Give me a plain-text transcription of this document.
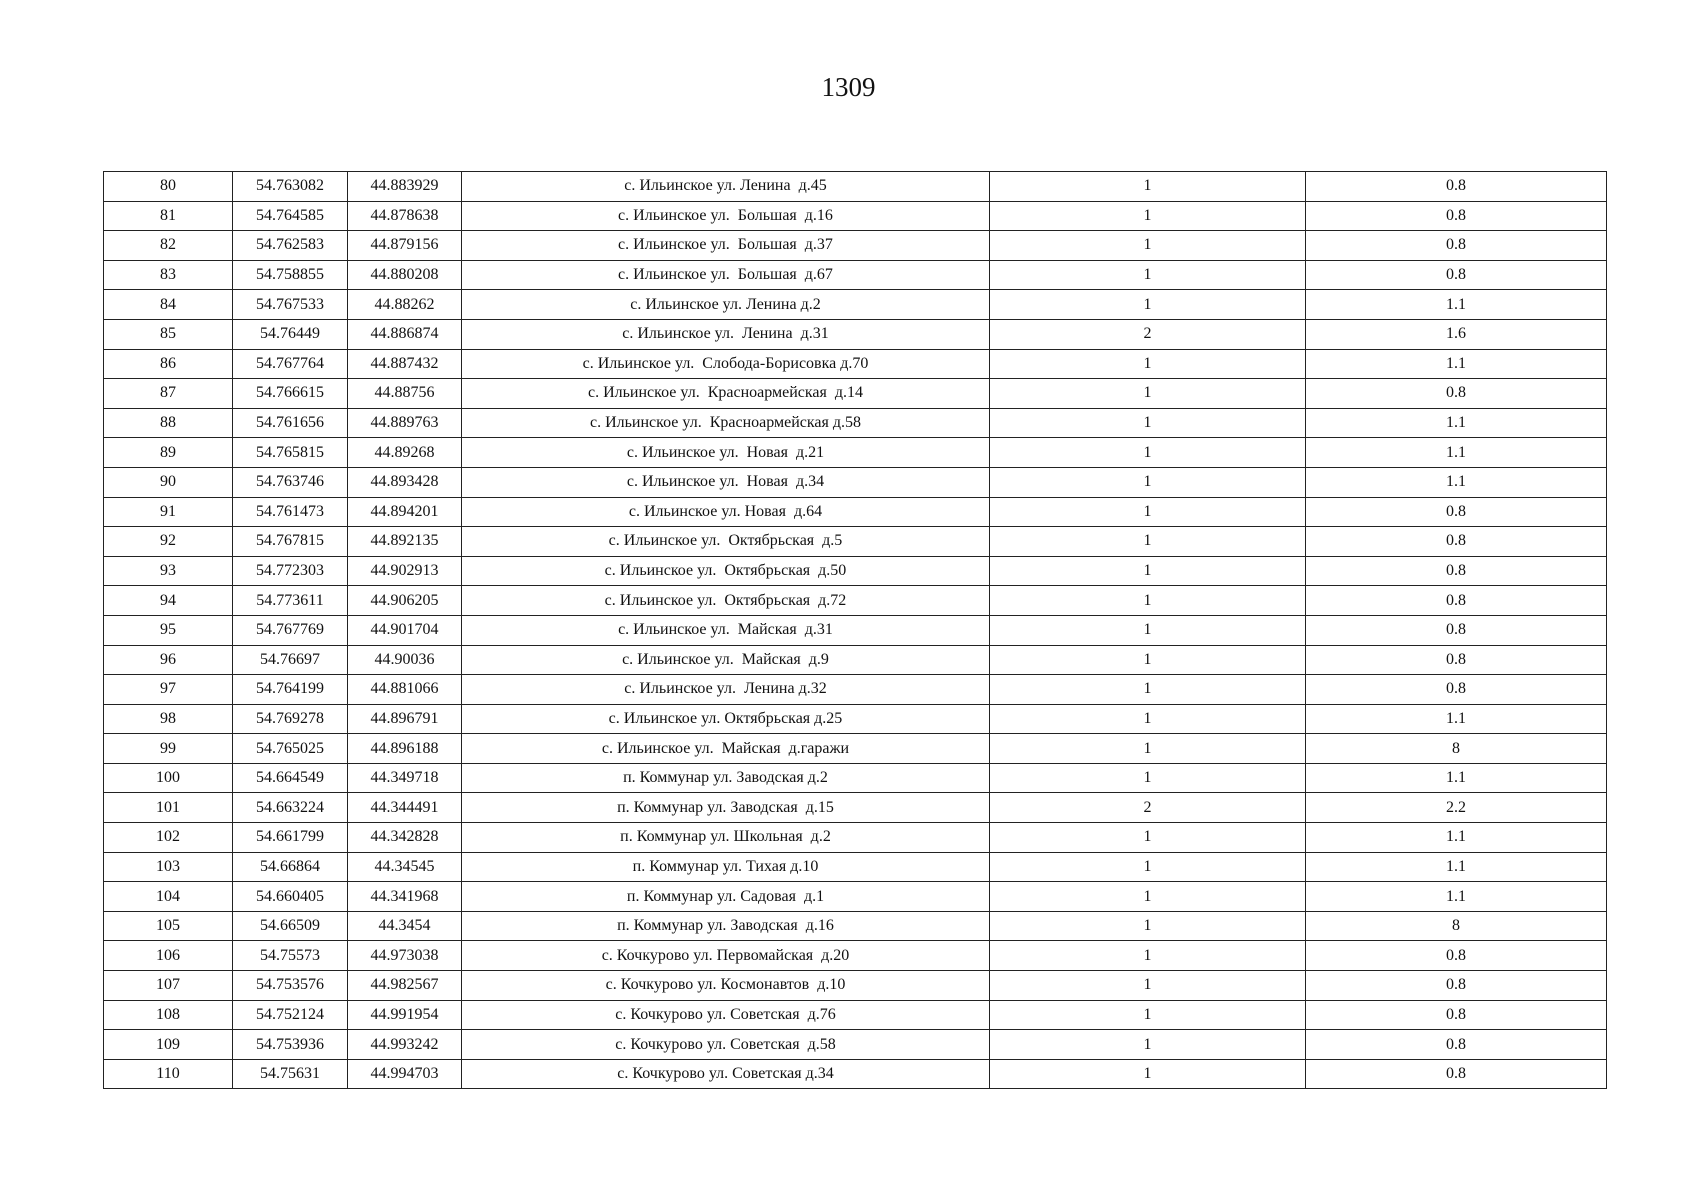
1309
80	54.763082	44.883929	с. Ильинское ул. Ленина  д.45	1	0.8
81	54.764585	44.878638	с. Ильинское ул.  Большая  д.16	1	0.8
82	54.762583	44.879156	с. Ильинское ул.  Большая  д.37	1	0.8
83	54.758855	44.880208	с. Ильинское ул.  Большая  д.67	1	0.8
84	54.767533	44.88262	с. Ильинское ул. Ленина д.2	1	1.1
85	54.76449	44.886874	с. Ильинское ул.  Ленина  д.31	2	1.6
86	54.767764	44.887432	с. Ильинское ул.  Слобода-Борисовка д.70	1	1.1
87	54.766615	44.88756	с. Ильинское ул.  Красноармейская  д.14	1	0.8
88	54.761656	44.889763	с. Ильинское ул.  Красноармейская д.58	1	1.1
89	54.765815	44.89268	с. Ильинское ул.  Новая  д.21	1	1.1
90	54.763746	44.893428	с. Ильинское ул.  Новая  д.34	1	1.1
91	54.761473	44.894201	с. Ильинское ул. Новая  д.64	1	0.8
92	54.767815	44.892135	с. Ильинское ул.  Октябрьская  д.5	1	0.8
93	54.772303	44.902913	с. Ильинское ул.  Октябрьская  д.50	1	0.8
94	54.773611	44.906205	с. Ильинское ул.  Октябрьская  д.72	1	0.8
95	54.767769	44.901704	с. Ильинское ул.  Майская  д.31	1	0.8
96	54.76697	44.90036	с. Ильинское ул.  Майская  д.9	1	0.8
97	54.764199	44.881066	с. Ильинское ул.  Ленина д.32	1	0.8
98	54.769278	44.896791	с. Ильинское ул. Октябрьская д.25	1	1.1
99	54.765025	44.896188	с. Ильинское ул.  Майская  д.гаражи	1	8
100	54.664549	44.349718	п. Коммунар ул. Заводская д.2	1	1.1
101	54.663224	44.344491	п. Коммунар ул. Заводская  д.15	2	2.2
102	54.661799	44.342828	п. Коммунар ул. Школьная  д.2	1	1.1
103	54.66864	44.34545	п. Коммунар ул. Тихая д.10	1	1.1
104	54.660405	44.341968	п. Коммунар ул. Садовая  д.1	1	1.1
105	54.66509	44.3454	п. Коммунар ул. Заводская  д.16	1	8
106	54.75573	44.973038	с. Кочкурово ул. Первомайская  д.20	1	0.8
107	54.753576	44.982567	с. Кочкурово ул. Космонавтов  д.10	1	0.8
108	54.752124	44.991954	с. Кочкурово ул. Советская  д.76	1	0.8
109	54.753936	44.993242	с. Кочкурово ул. Советская  д.58	1	0.8
110	54.75631	44.994703	с. Кочкурово ул. Советская д.34	1	0.8
